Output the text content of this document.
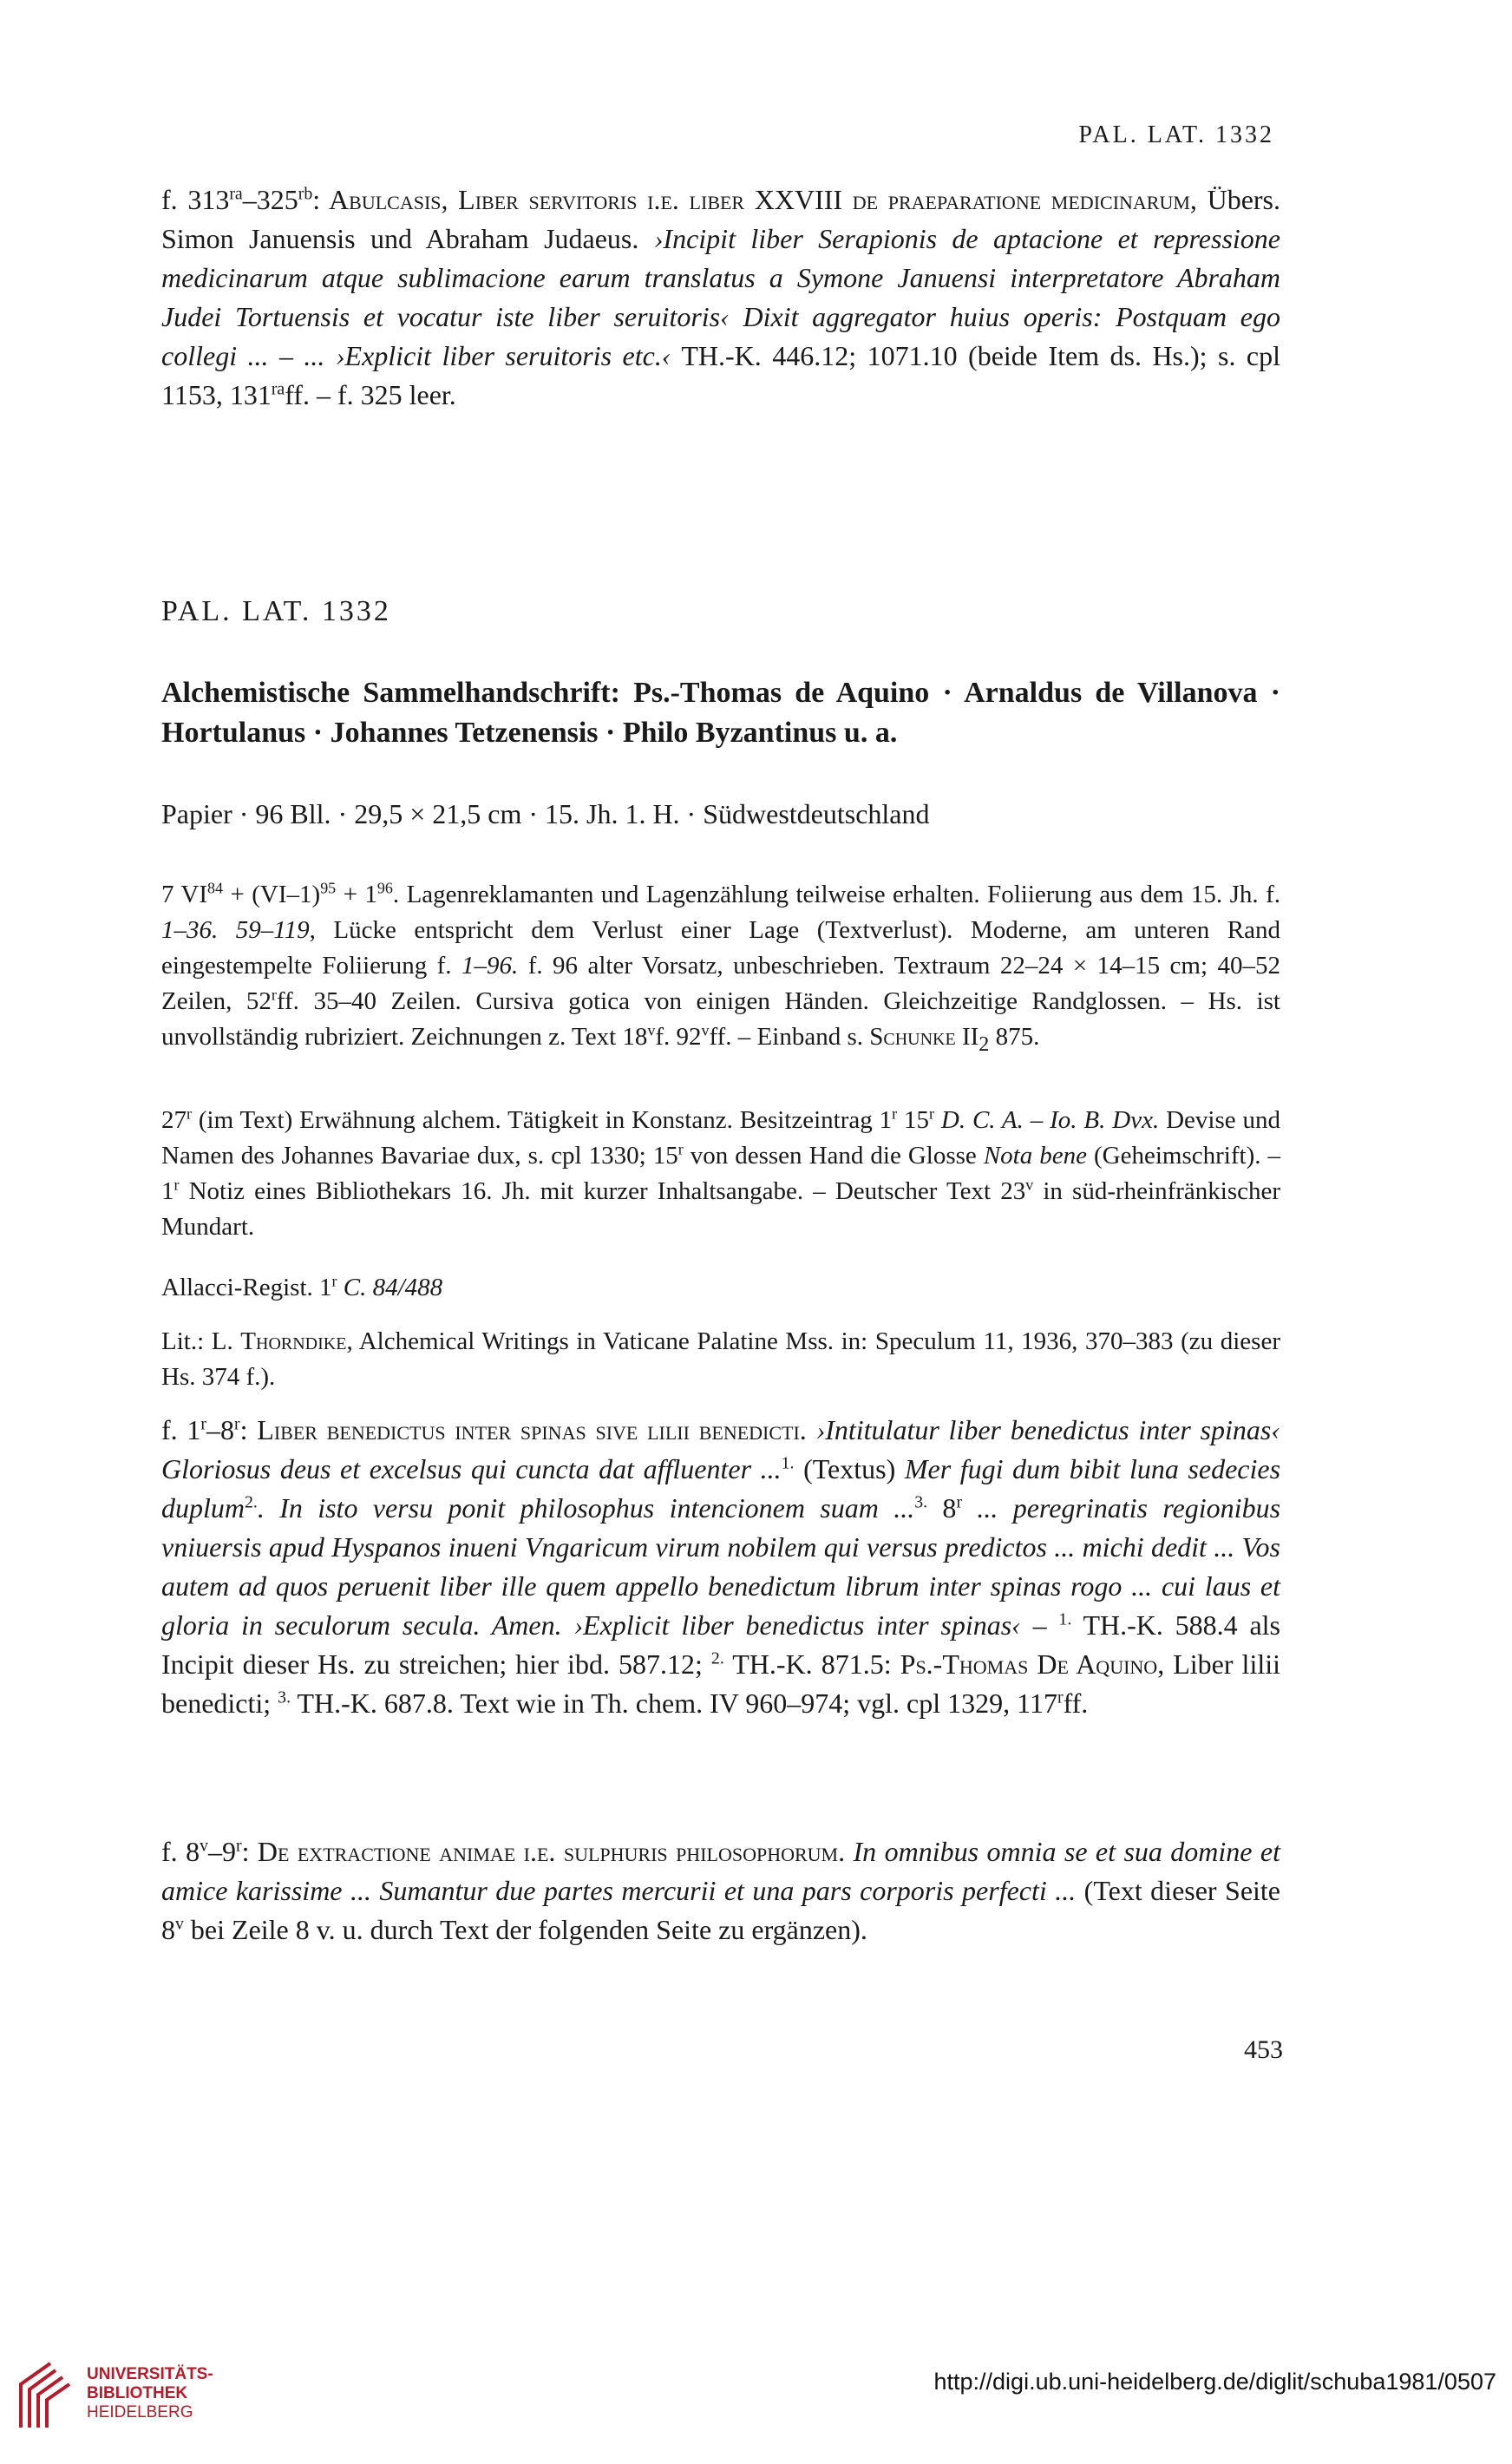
PAL. LAT. 1332

f. $313^{ra}-325^{rb}$: Abulcasis, Liber servitoris i.e. liber XXVIII de praeparatione medicinarum, Übers. Simon Januensis und Abraham Judaeus. ›Incipit liber Serapionis de aptacione et repressione medicinarum atque sublimacione earum translatus a Symone Januensi interpretatore Abraham Judei Tortuensis et vocatur iste liber seruitoris‹ Dixit aggregator huius operis: Postquam ego collegi ... – ... ›Explicit liber seruitoris etc.‹ TH.-K. 446.12; 1071.10 (beide Item ds. Hs.); s. cpl 1153, $131^{ra}ff$. – f. 325 leer.

PAL. LAT. 1332
Alchemistische Sammelhandschrift: Ps.-Thomas de Aquino · Arnaldus de Villanova · Hortulanus · Johannes Tetzenensis · Philo Byzantinus u. a.
Papier · 96 Bll. · 29,5 × 21,5 cm · 15. Jh. 1. H. · Südwestdeutschland

7 $VI^{84} + (VI-1)^{95} + 1^{96}$. Lagenreklamanten und Lagenzählung teilweise erhalten. Foliierung aus dem 15. Jh. f. 1–36. 59–119, Lücke entspricht dem Verlust einer Lage (Textverlust). Moderne, am unteren Rand eingestempelte Foliierung f. 1–96. f. 96 alter Vorsatz, unbeschrieben. Textraum 22–24 × 14–15 cm; 40–52 Zeilen, 52$^r$ff. 35–40 Zeilen. Cursiva gotica von einigen Händen. Gleichzeitige Randglossen. – Hs. ist unvollständig rubriziert. Zeichnungen z. Text 18$^v$f. 92$^v$ff. – Einband s. Schunke $II_2$ 875.

27$^r$ (im Text) Erwähnung alchem. Tätigkeit in Konstanz. Besitzeintrag 1$^r$ 15$^r$ D. C. A. – Io. B. Dvx. Devise und Namen des Johannes Bavariae dux, s. cpl 1330; 15$^r$ von dessen Hand die Glosse Nota bene (Geheimschrift). – 1$^r$ Notiz eines Bibliothekars 16. Jh. mit kurzer Inhaltsangabe. – Deutscher Text 23$^v$ in süd-rheinfränkischer Mundart.

Allacci-Regist. 1$^r$ C. 84/488

Lit.: L. Thorndike, Alchemical Writings in Vaticane Palatine Mss. in: Speculum 11, 1936, 370–383 (zu dieser Hs. 374 f.).

f. 1$^r$–8$^r$: Liber benedictus inter spinas sive lilii benedicti. ›Intitulatur liber benedictus inter spinas‹ Gloriosus deus et excelsus qui cuncta dat affluenter ...$^{1.}$ (Textus) Mer fugi dum bibit luna sedecies duplum$^{2.}$. In isto versu ponit philosophus intencionem suam ...$^{3.}$ 8$^r$ ... peregrinatis regionibus vniuersis apud Hyspanos inueni Vngaricum virum nobilem qui versus predictos ... michi dedit ... Vos autem ad quos peruenit liber ille quem appello benedictum librum inter spinas rogo ... cui laus et gloria in seculorum secula. Amen. ›Explicit liber benedictus inter spinas‹ – $^{1.}$ TH.-K. 588.4 als Incipit dieser Hs. zu streichen; hier ibd. 587.12; $^{2.}$ TH.-K. 871.5: Ps.-Thomas De Aquino, Liber lilii benedicti; $^{3.}$ TH.-K. 687.8. Text wie in Th. chem. IV 960–974; vgl. cpl 1329, 117$^r$ff.

f. 8$^v$–9$^r$: De extractione animae i.e. sulphuris philosophorum. In omnibus omnia se et sua domine et amice karissime ... Sumantur due partes mercurii et una pars corporis perfecti ... (Text dieser Seite 8$^v$ bei Zeile 8 v. u. durch Text der folgenden Seite zu ergänzen).

453
UNIVERSITÄTS-
BIBLIOTHEK
HEIDELBERG
http://digi.ub.uni-heidelberg.de/diglit/schuba1981/0507
